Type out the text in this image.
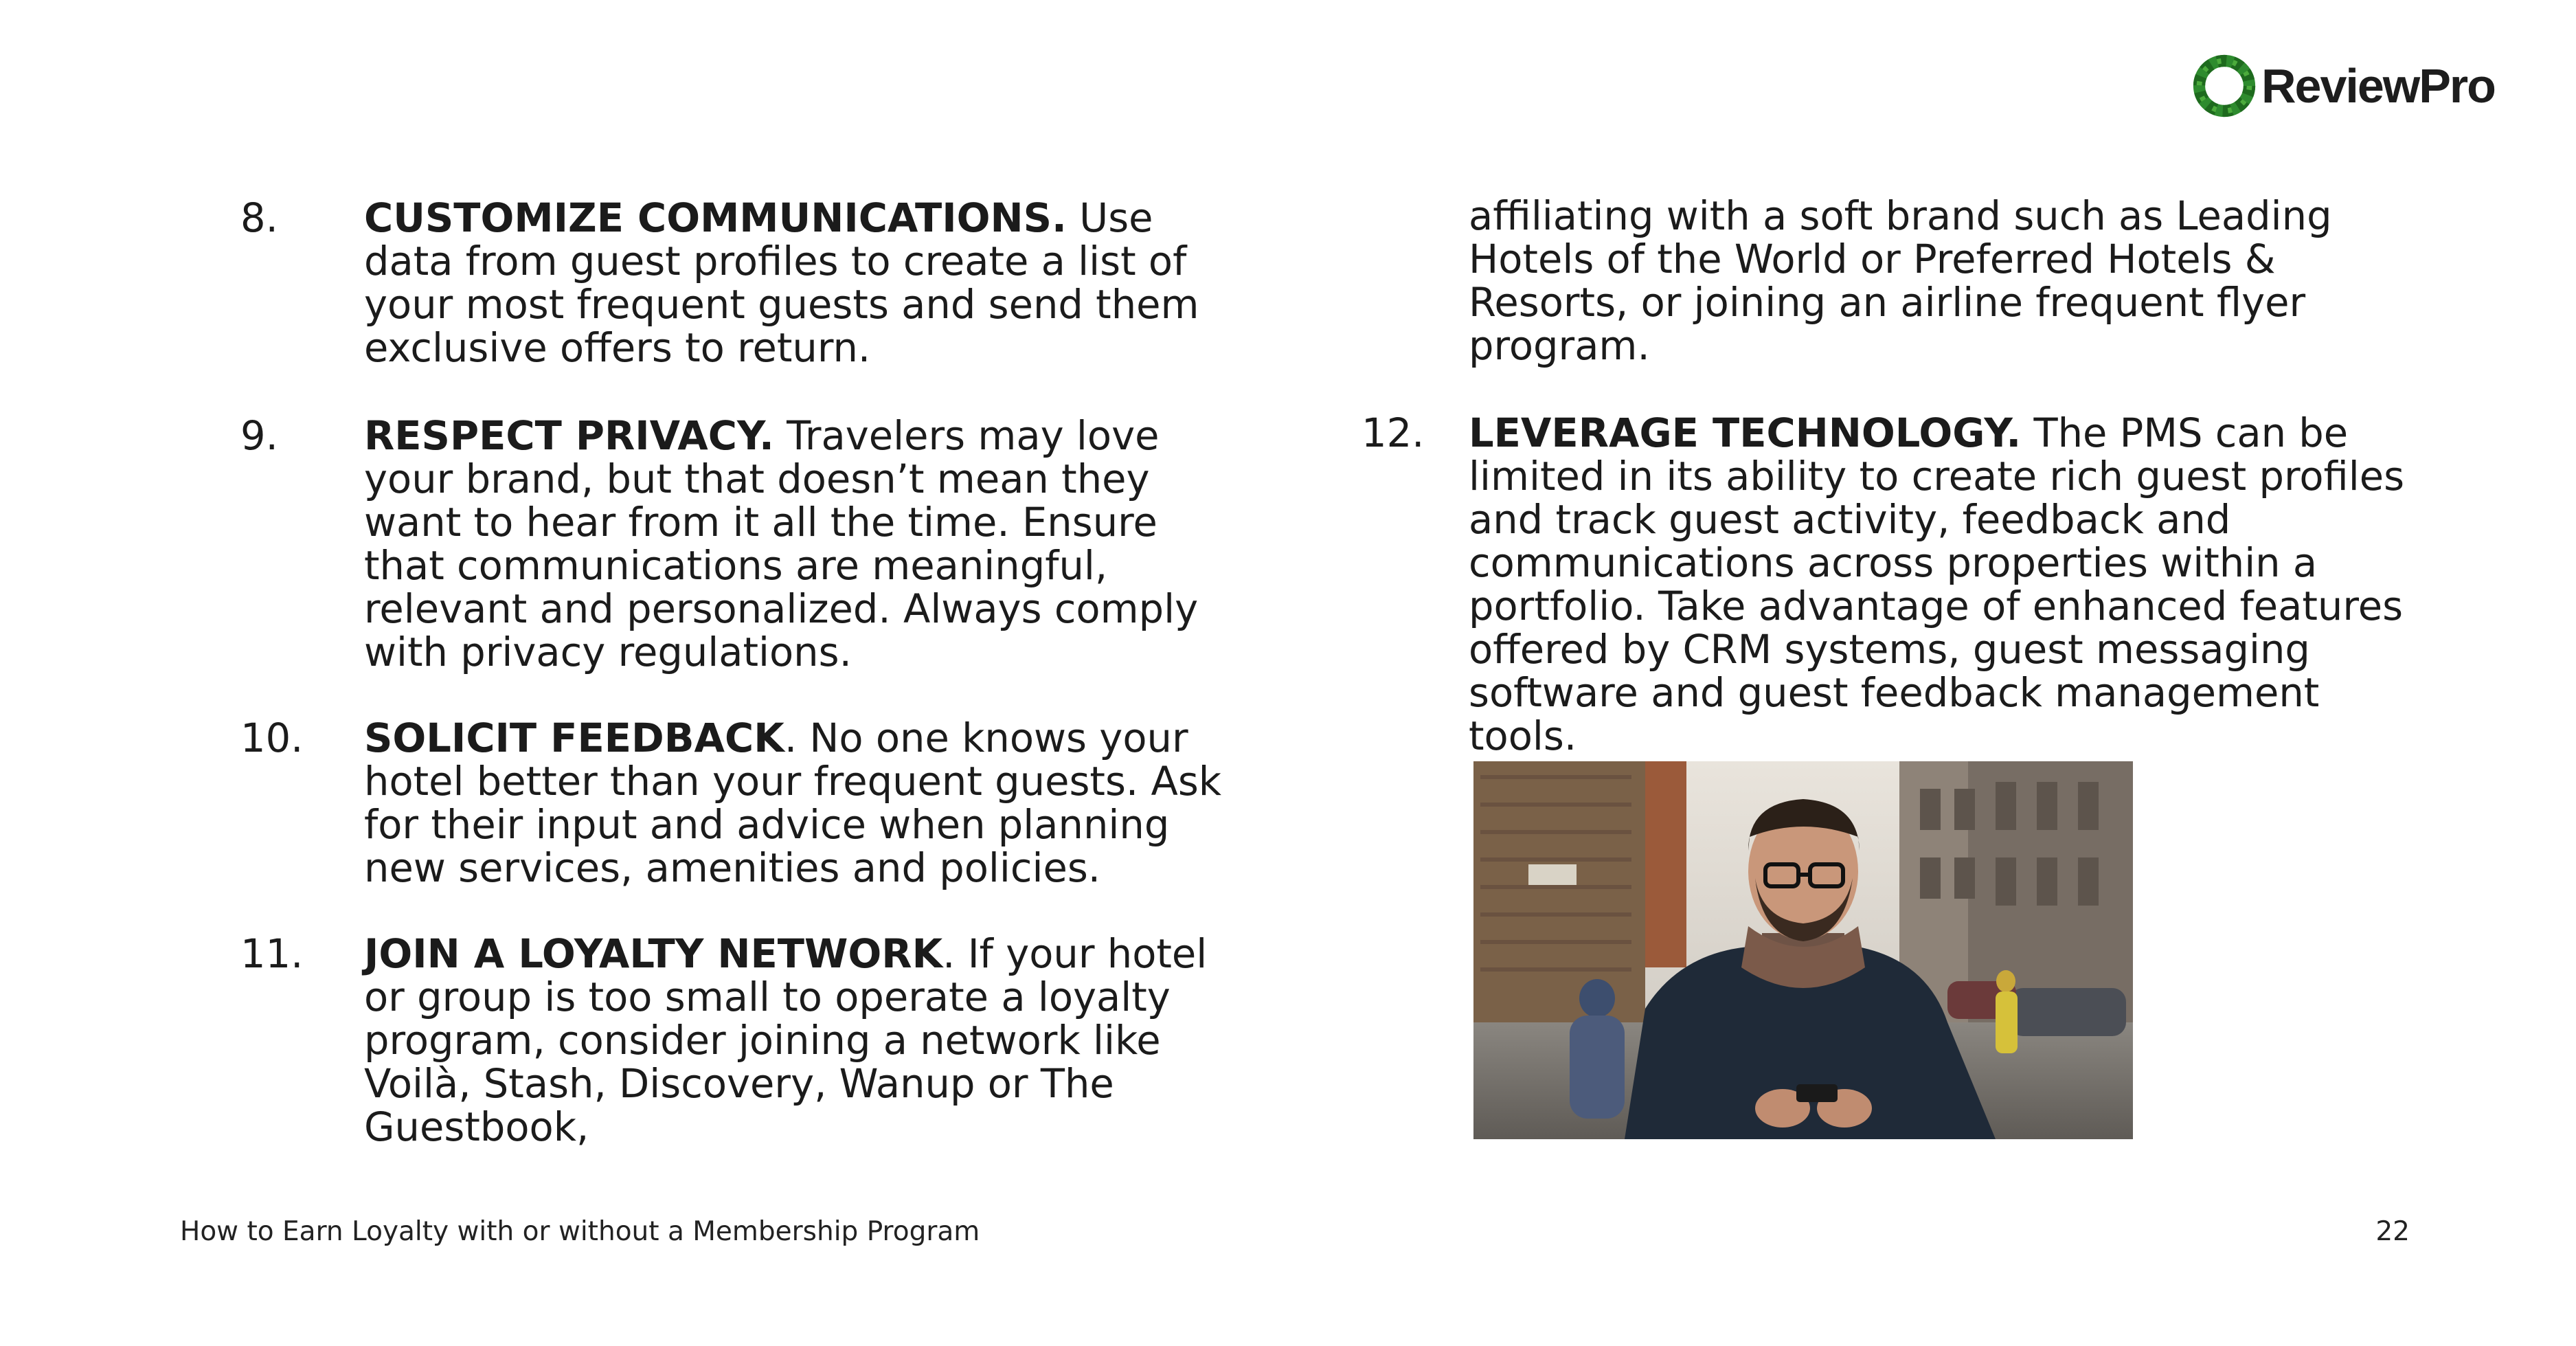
ReviewPro
8. CUSTOMIZE COMMUNICATIONS. Use data from guest profiles to create a list of your most frequent guests and send them exclusive offers to return.
9. RESPECT PRIVACY. Travelers may love your brand, but that doesn’t mean they want to hear from it all the time. Ensure that communications are meaningful, relevant and personalized. Always comply with privacy regulations.
10. SOLICIT FEEDBACK. No one knows your hotel better than your frequent guests. Ask for their input and advice when planning new services, amenities and policies.
11. JOIN A LOYALTY NETWORK. If your hotel or group is too small to operate a loyalty program, consider joining a network like Voilà, Stash, Discovery, Wanup or The Guestbook,
affiliating with a soft brand such as Leading Hotels of the World or Preferred Hotels & Resorts, or joining an airline frequent flyer program.
12. LEVERAGE TECHNOLOGY. The PMS can be limited in its ability to create rich guest profiles and track guest activity, feedback and communications across properties within a portfolio. Take advantage of enhanced features offered by CRM systems, guest messaging software and guest feedback management tools.
How to Earn Loyalty with or without a Membership Program	22
